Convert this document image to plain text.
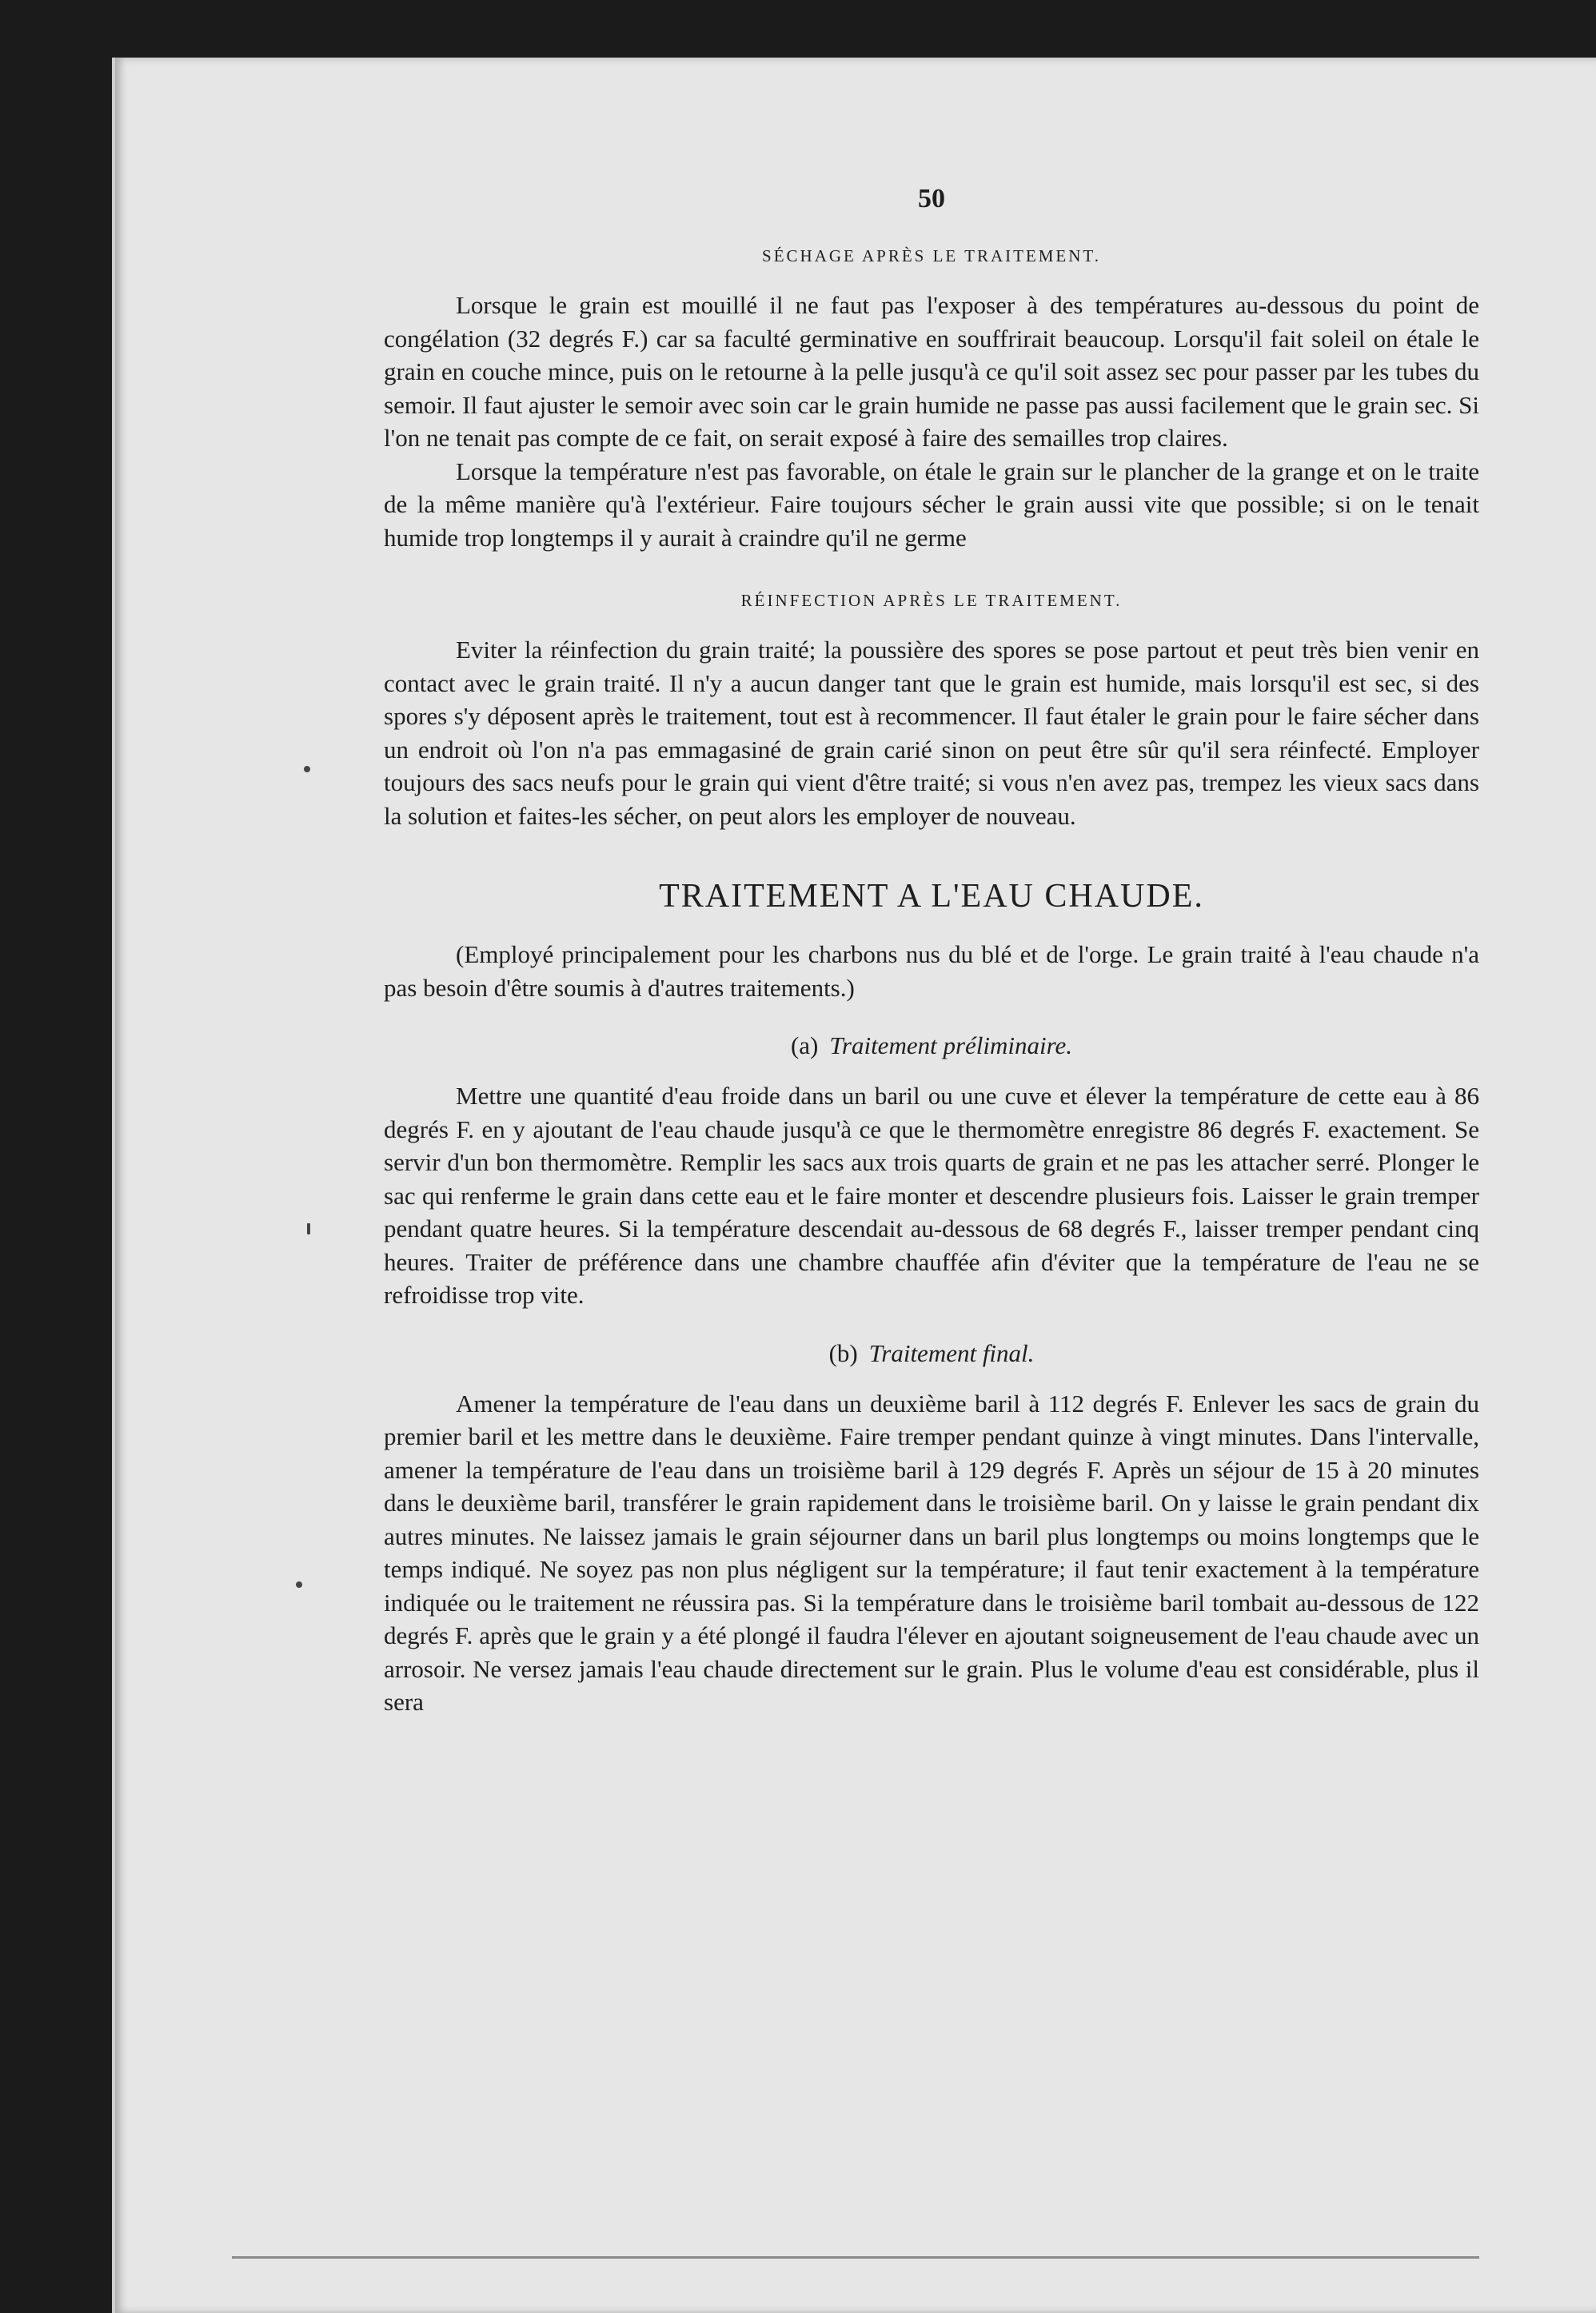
50
SÉCHAGE APRÈS LE TRAITEMENT.

Lorsque le grain est mouillé il ne faut pas l'exposer à des températures au-dessous du point de congélation (32 degrés F.) car sa faculté germinative en souffrirait beaucoup. Lorsqu'il fait soleil on étale le grain en couche mince, puis on le retourne à la pelle jusqu'à ce qu'il soit assez sec pour passer par les tubes du semoir. Il faut ajuster le semoir avec soin car le grain humide ne passe pas aussi facilement que le grain sec. Si l'on ne tenait pas compte de ce fait, on serait exposé à faire des semailles trop claires.

Lorsque la température n'est pas favorable, on étale le grain sur le plancher de la grange et on le traite de la même manière qu'à l'extérieur. Faire toujours sécher le grain aussi vite que possible; si on le tenait humide trop longtemps il y aurait à craindre qu'il ne germe

RÉINFECTION APRÈS LE TRAITEMENT.

Eviter la réinfection du grain traité; la poussière des spores se pose partout et peut très bien venir en contact avec le grain traité. Il n'y a aucun danger tant que le grain est humide, mais lorsqu'il est sec, si des spores s'y déposent après le traitement, tout est à recommencer. Il faut étaler le grain pour le faire sécher dans un endroit où l'on n'a pas emmagasiné de grain carié sinon on peut être sûr qu'il sera réinfecté. Employer toujours des sacs neufs pour le grain qui vient d'être traité; si vous n'en avez pas, trempez les vieux sacs dans la solution et faites-les sécher, on peut alors les employer de nouveau.

TRAITEMENT A L'EAU CHAUDE.

(Employé principalement pour les charbons nus du blé et de l'orge. Le grain traité à l'eau chaude n'a pas besoin d'être soumis à d'autres traitements.)

(a) Traitement préliminaire.

Mettre une quantité d'eau froide dans un baril ou une cuve et élever la température de cette eau à 86 degrés F. en y ajoutant de l'eau chaude jusqu'à ce que le thermomètre enregistre 86 degrés F. exactement. Se servir d'un bon thermomètre. Remplir les sacs aux trois quarts de grain et ne pas les attacher serré. Plonger le sac qui renferme le grain dans cette eau et le faire monter et descendre plusieurs fois. Laisser le grain tremper pendant quatre heures. Si la température descendait au-dessous de 68 degrés F., laisser tremper pendant cinq heures. Traiter de préférence dans une chambre chauffée afin d'éviter que la température de l'eau ne se refroidisse trop vite.

(b) Traitement final.

Amener la température de l'eau dans un deuxième baril à 112 degrés F. Enlever les sacs de grain du premier baril et les mettre dans le deuxième. Faire tremper pendant quinze à vingt minutes. Dans l'intervalle, amener la température de l'eau dans un troisième baril à 129 degrés F. Après un séjour de 15 à 20 minutes dans le deuxième baril, transférer le grain rapidement dans le troisième baril. On y laisse le grain pendant dix autres minutes. Ne laissez jamais le grain séjourner dans un baril plus longtemps ou moins longtemps que le temps indiqué. Ne soyez pas non plus négligent sur la température; il faut tenir exactement à la température indiquée ou le traitement ne réussira pas. Si la température dans le troisième baril tombait au-dessous de 122 degrés F. après que le grain y a été plongé il faudra l'élever en ajoutant soigneusement de l'eau chaude avec un arrosoir. Ne versez jamais l'eau chaude directement sur le grain. Plus le volume d'eau est considérable, plus il sera
